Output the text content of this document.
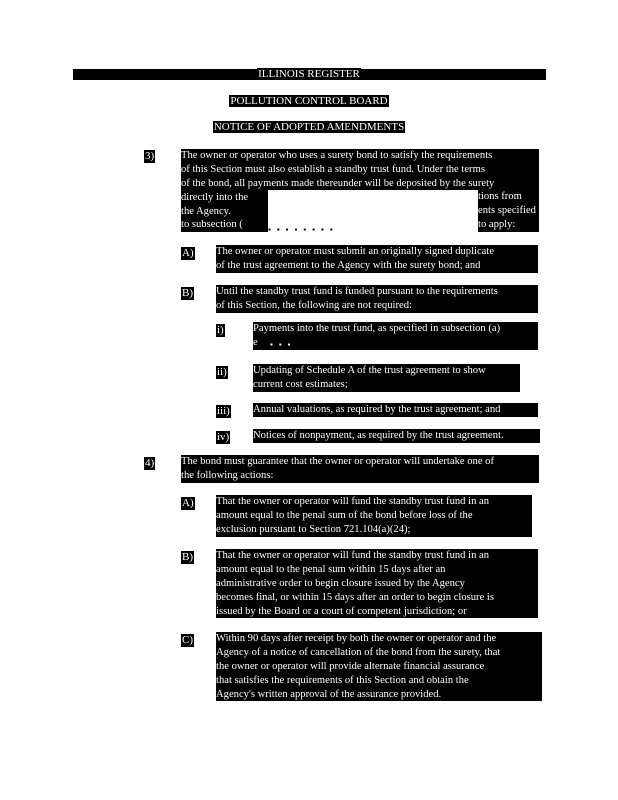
ILLINOIS REGISTER
POLLUTION CONTROL BOARD
NOTICE OF ADOPTED AMENDMENTS
3)	The owner or operator who uses a surety bond to satisfy the requirements
of this Section must also establish a standby trust fund. Under the terms
of the bond, all payments made thereunder will be deposited by the surety
directly into the
the Agency.
to subsection (
tions from
ents specified
to apply:
▪ ▪ ▪ ▪ ▪ ▪ ▪ ▪
A) The owner or operator must submit an originally signed duplicate
of the trust agreement to the Agency with the surety bond; and
B) Until the standby trust fund is funded pursuant to the requirements
of this Section, the following are not required:
i)	Payments into the trust fund, as specified in subsection (a)
e	▪ ▪ ▪
ii) Updating of Schedule A of the trust agreement to show
current cost estimates;
iii) Annual valuations, as required by the trust agreement; and
iv) Notices of nonpayment, as required by the trust agreement.
4)	The bond must guarantee that the owner or operator will undertake one of
the following actions:
A) That the owner or operator will fund the standby trust fund in an
amount equal to the penal sum of the bond before loss of the
exclusion pursuant to Section 721.104(a)(24);
B) That the owner or operator will fund the standby trust fund in an
amount equal to the penal sum within 15 days after an
administrative order to begin closure issued by the Agency
becomes final, or within 15 days after an order to begin closure is
issued by the Board or a court of competent jurisdiction; or
C) Within 90 days after receipt by both the owner or operator and the
Agency of a notice of cancellation of the bond from the surety, that
the owner or operator will provide alternate financial assurance
that satisfies the requirements of this Section and obtain the
Agency's written approval of the assurance provided.
